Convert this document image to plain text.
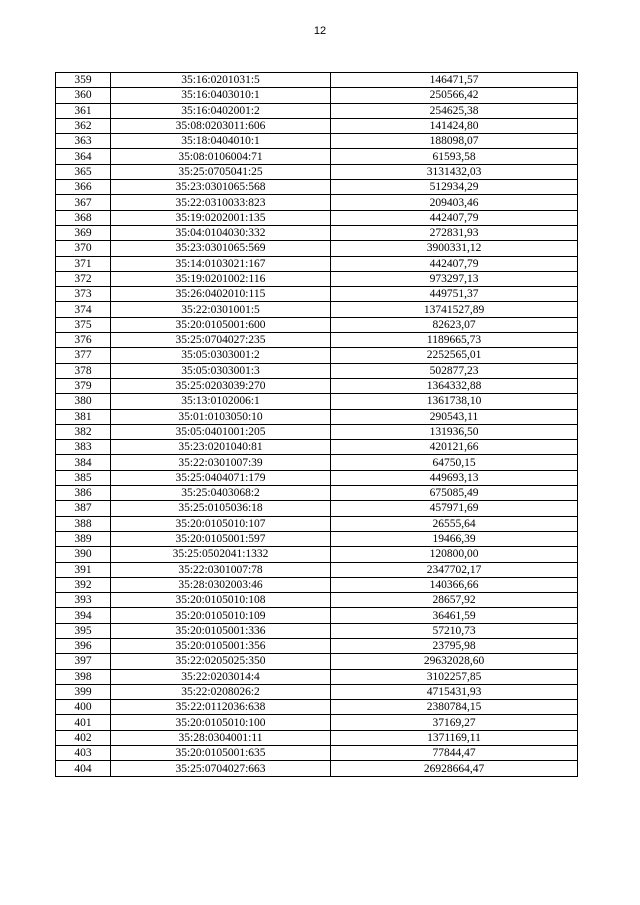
12
359	35:16:0201031:5	146471,57
360	35:16:0403010:1	250566,42
361	35:16:0402001:2	254625,38
362	35:08:0203011:606	141424,80
363	35:18:0404010:1	188098,07
364	35:08:0106004:71	61593,58
365	35:25:0705041:25	3131432,03
366	35:23:0301065:568	512934,29
367	35:22:0310033:823	209403,46
368	35:19:0202001:135	442407,79
369	35:04:0104030:332	272831,93
370	35:23:0301065:569	3900331,12
371	35:14:0103021:167	442407,79
372	35:19:0201002:116	973297,13
373	35:26:0402010:115	449751,37
374	35:22:0301001:5	13741527,89
375	35:20:0105001:600	82623,07
376	35:25:0704027:235	1189665,73
377	35:05:0303001:2	2252565,01
378	35:05:0303001:3	502877,23
379	35:25:0203039:270	1364332,88
380	35:13:0102006:1	1361738,10
381	35:01:0103050:10	290543,11
382	35:05:0401001:205	131936,50
383	35:23:0201040:81	420121,66
384	35:22:0301007:39	64750,15
385	35:25:0404071:179	449693,13
386	35:25:0403068:2	675085,49
387	35:25:0105036:18	457971,69
388	35:20:0105010:107	26555,64
389	35:20:0105001:597	19466,39
390	35:25:0502041:1332	120800,00
391	35:22:0301007:78	2347702,17
392	35:28:0302003:46	140366,66
393	35:20:0105010:108	28657,92
394	35:20:0105010:109	36461,59
395	35:20:0105001:336	57210,73
396	35:20:0105001:356	23795,98
397	35:22:0205025:350	29632028,60
398	35:22:0203014:4	3102257,85
399	35:22:0208026:2	4715431,93
400	35:22:0112036:638	2380784,15
401	35:20:0105010:100	37169,27
402	35:28:0304001:11	1371169,11
403	35:20:0105001:635	77844,47
404	35:25:0704027:663	26928664,47
